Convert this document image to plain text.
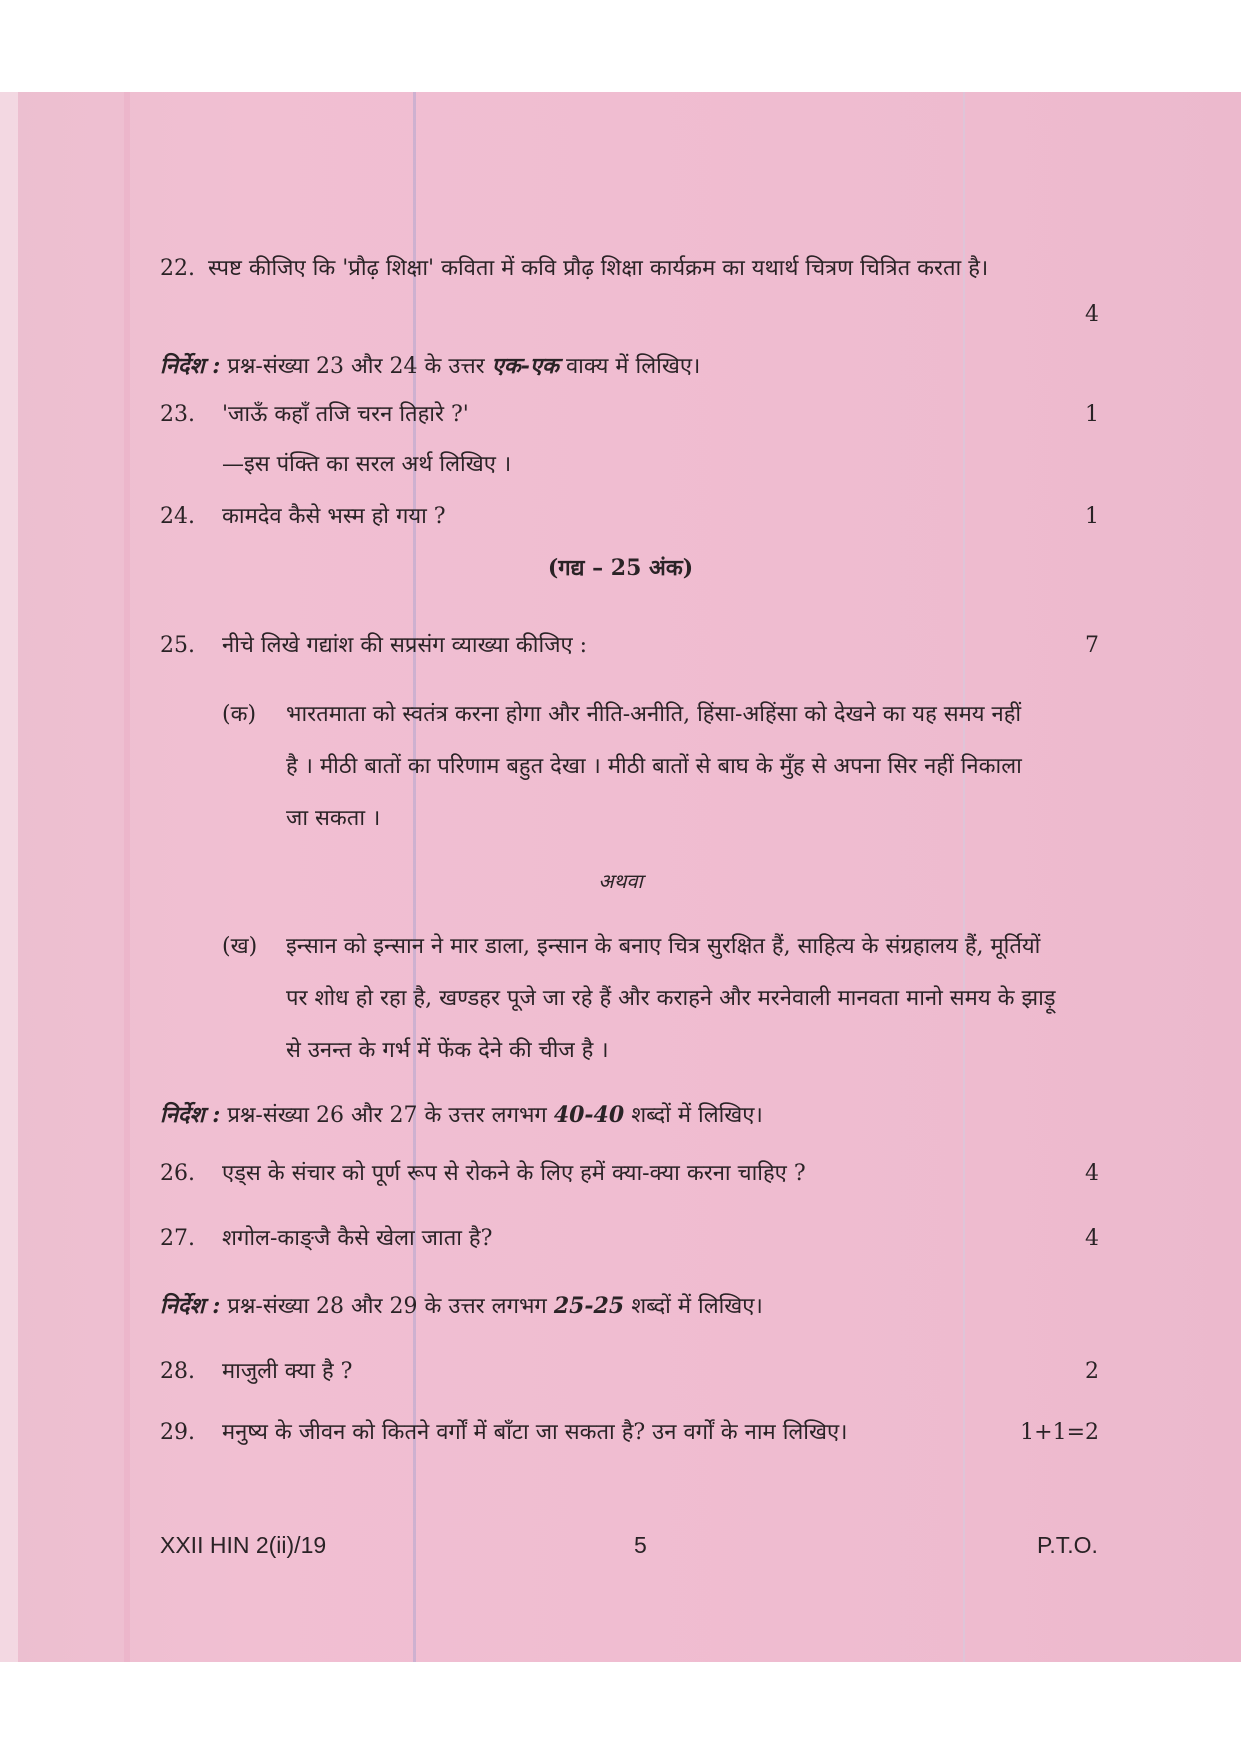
22. स्पष्ट कीजिए कि 'प्रौढ़ शिक्षा' कविता में कवि प्रौढ़ शिक्षा कार्यक्रम का यथार्थ चित्रण चित्रित करता है।
4
निर्देश : प्रश्न-संख्या 23 और 24 के उत्तर एक-एक वाक्य में लिखिए।
23. 'जाऊँ कहाँ तजि चरन तिहारे ?'	1
—इस पंक्ति का सरल अर्थ लिखिए ।
24. कामदेव कैसे भस्म हो गया ?	1
(गद्य – 25 अंक)
25. नीचे लिखे गद्यांश की सप्रसंग व्याख्या कीजिए :	7
(क) भारतमाता को स्वतंत्र करना होगा और नीति-अनीति, हिंसा-अहिंसा को देखने का यह समय नहीं
है । मीठी बातों का परिणाम बहुत देखा । मीठी बातों से बाघ के मुँह से अपना सिर नहीं निकाला
जा सकता ।
अथवा
(ख) इन्सान को इन्सान ने मार डाला, इन्सान के बनाए चित्र सुरक्षित हैं, साहित्य के संग्रहालय हैं, मूर्तियों
पर शोध हो रहा है, खण्डहर पूजे जा रहे हैं और कराहने और मरनेवाली मानवता मानो समय के झाड़ू
से उनन्त के गर्भ में फेंक देने की चीज है ।
निर्देश : प्रश्न-संख्या 26 और 27 के उत्तर लगभग 40-40 शब्दों में लिखिए।
26. एड्स के संचार को पूर्ण रूप से रोकने के लिए हमें क्या-क्या करना चाहिए ?	4
27. शगोल-काङ्जै कैसे खेला जाता है?	4
निर्देश : प्रश्न-संख्या 28 और 29 के उत्तर लगभग 25-25 शब्दों में लिखिए।
28. माजुली क्या है ?	2
29. मनुष्य के जीवन को कितने वर्गों में बाँटा जा सकता है? उन वर्गों के नाम लिखिए।	1+1=2
XXII HIN 2(ii)/19	5	P.T.O.
